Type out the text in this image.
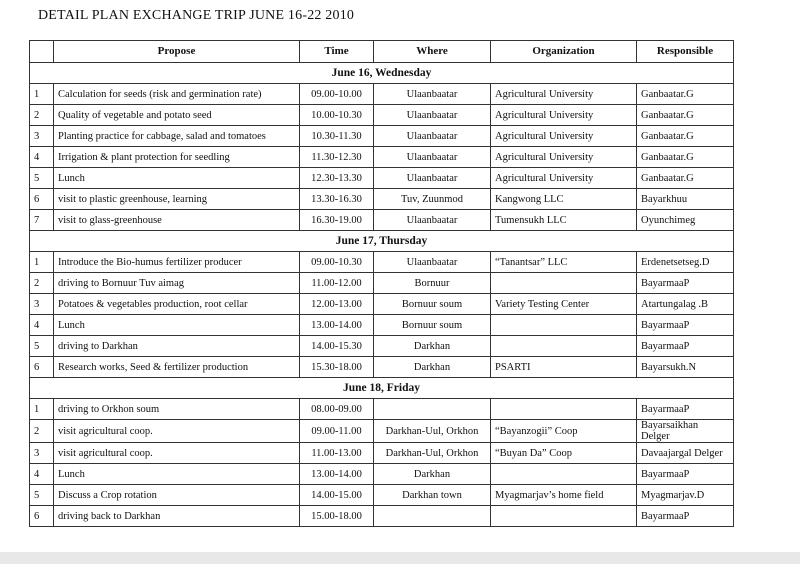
DETAIL PLAN EXCHANGE TRIP JUNE 16-22 2010
	Propose	Time	Where	Organization	Responsible
June 16, Wednesday					
1	Calculation for seeds (risk and germination rate)	09.00-10.00	Ulaanbaatar	Agricultural University	Ganbaatar.G
2	Quality of vegetable and potato seed	10.00-10.30	Ulaanbaatar	Agricultural University	Ganbaatar.G
3	Planting practice for cabbage, salad and tomatoes	10.30-11.30	Ulaanbaatar	Agricultural University	Ganbaatar.G
4	Irrigation & plant protection for seedling	11.30-12.30	Ulaanbaatar	Agricultural University	Ganbaatar.G
5	Lunch	12.30-13.30	Ulaanbaatar	Agricultural University	Ganbaatar.G
6	visit to plastic greenhouse, learning	13.30-16.30	Tuv, Zuunmod	Kangwong LLC	Bayarkhuu
7	visit to glass-greenhouse	16.30-19.00	Ulaanbaatar	Tumensukh LLC	Oyunchimeg
June 17, Thursday					
1	Introduce the Bio-humus fertilizer producer	09.00-10.30	Ulaanbaatar	“Tanantsar” LLC	Erdenetsetseg.D
2	driving to Bornuur Tuv aimag	11.00-12.00	Bornuur		BayarmaaP
3	Potatoes & vegetables production, root cellar	12.00-13.00	Bornuur soum	Variety Testing Center	Atartungalag .B
4	Lunch	13.00-14.00	Bornuur soum		BayarmaaP
5	driving to Darkhan	14.00-15.30	Darkhan		BayarmaaP
6	Research works, Seed & fertilizer production	15.30-18.00	Darkhan	PSARTI	Bayarsukh.N
June 18, Friday					
1	driving to Orkhon soum	08.00-09.00			BayarmaaP
2	visit agricultural coop.	09.00-11.00	Darkhan-Uul, Orkhon	“Bayanzogii” Coop	Bayarsaikhan Delger
3	visit agricultural coop.	11.00-13.00	Darkhan-Uul, Orkhon	“Buyan Da” Coop	Davaajargal Delger
4	Lunch	13.00-14.00	Darkhan		BayarmaaP
5	Discuss a Crop rotation	14.00-15.00	Darkhan town	Myagmarjav’s home field	Myagmarjav.D
6	driving back to Darkhan	15.00-18.00			BayarmaaP
